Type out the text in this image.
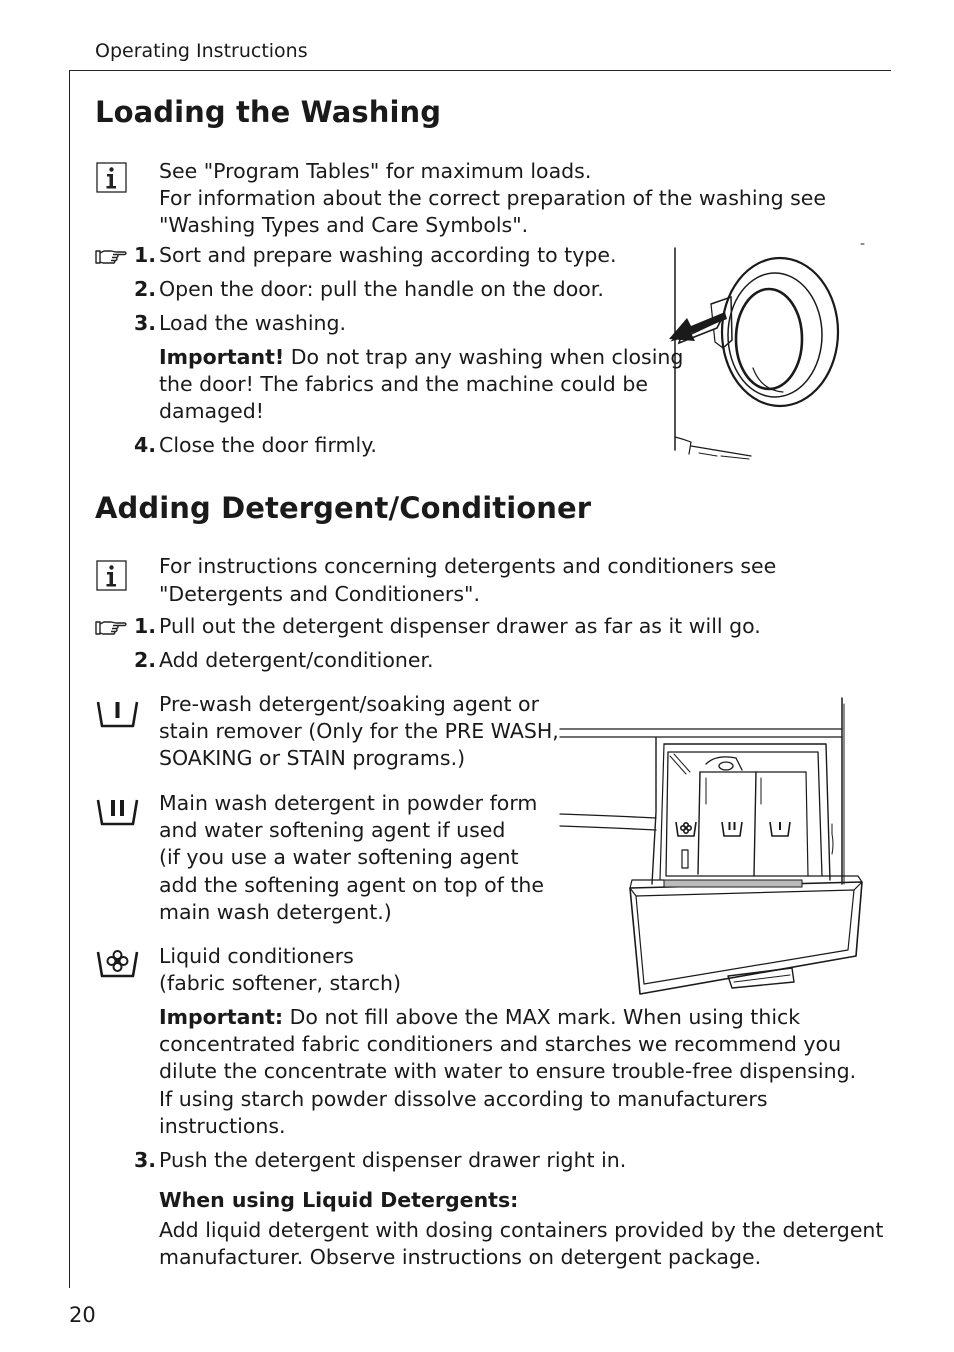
Operating Instructions
Loading the Washing
See "Program Tables" for maximum loads.
For information about the correct preparation of the washing see
"Washing Types and Care Symbols".
1. Sort and prepare washing according to type.
2. Open the door: pull the handle on the door.
3. Load the washing.
Important! Do not trap any washing when closing
the door! The fabrics and the machine could be
damaged!
4. Close the door firmly.
Adding Detergent/Conditioner
For instructions concerning detergents and conditioners see
"Detergents and Conditioners".
1. Pull out the detergent dispenser drawer as far as it will go.
2. Add detergent/conditioner.
Pre-wash detergent/soaking agent or
stain remover (Only for the PRE WASH,
SOAKING or STAIN programs.)
Main wash detergent in powder form
and water softening agent if used
(if you use a water softening agent
add the softening agent on top of the
main wash detergent.)
Liquid conditioners
(fabric softener, starch)
Important: Do not fill above the MAX mark. When using thick
concentrated fabric conditioners and starches we recommend you
dilute the concentrate with water to ensure trouble-free dispensing.
If using starch powder dissolve according to manufacturers
instructions.
3. Push the detergent dispenser drawer right in.
When using Liquid Detergents:
Add liquid detergent with dosing containers provided by the detergent
manufacturer. Observe instructions on detergent package.
20
